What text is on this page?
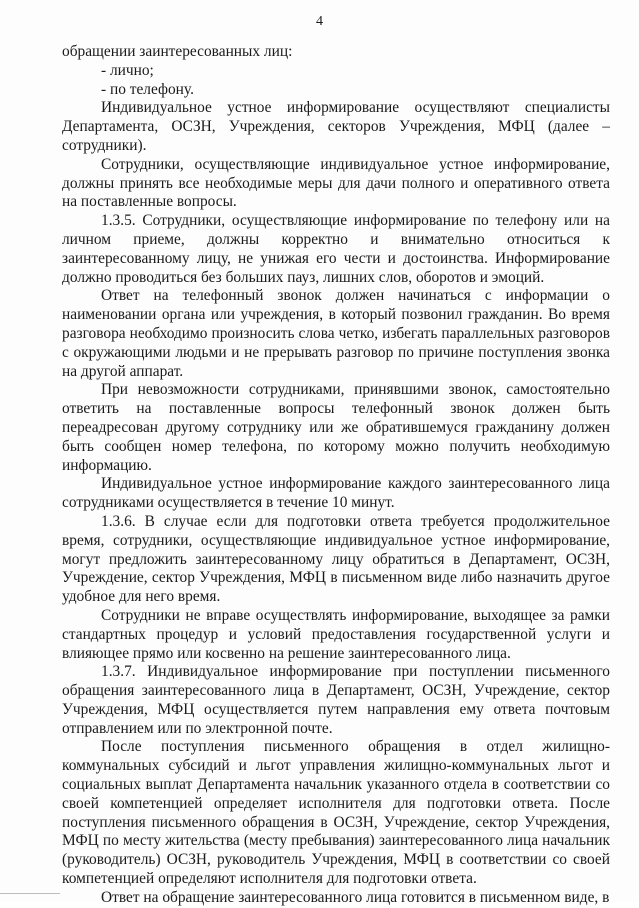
4

обращении заинтересованных лиц:

- лично;

- по телефону.

Индивидуальное устное информирование осуществляют специалисты Департамента, ОСЗН, Учреждения, секторов Учреждения, МФЦ (далее – сотрудники).

Сотрудники, осуществляющие индивидуальное устное информирование, должны принять все необходимые меры для дачи полного и оперативного ответа на поставленные вопросы.

1.3.5. Сотрудники, осуществляющие информирование по телефону или на личном приеме, должны корректно и внимательно относиться к заинтересованному лицу, не унижая его чести и достоинства. Информирование должно проводиться без больших пауз, лишних слов, оборотов и эмоций.

Ответ на телефонный звонок должен начинаться с информации о наименовании органа или учреждения, в который позвонил гражданин. Во время разговора необходимо произносить слова четко, избегать параллельных разговоров с окружающими людьми и не прерывать разговор по причине поступления звонка на другой аппарат.

При невозможности сотрудниками, принявшими звонок, самостоятельно ответить на поставленные вопросы телефонный звонок должен быть переадресован другому сотруднику или же обратившемуся гражданину должен быть сообщен номер телефона, по которому можно получить необходимую информацию.

Индивидуальное устное информирование каждого заинтересованного лица сотрудниками осуществляется в течение 10 минут.

1.3.6. В случае если для подготовки ответа требуется продолжительное время, сотрудники, осуществляющие индивидуальное устное информирование, могут предложить заинтересованному лицу обратиться в Департамент, ОСЗН, Учреждение, сектор Учреждения, МФЦ в письменном виде либо назначить другое удобное для него время.

Сотрудники не вправе осуществлять информирование, выходящее за рамки стандартных процедур и условий предоставления государственной услуги и влияющее прямо или косвенно на решение заинтересованного лица.

1.3.7. Индивидуальное информирование при поступлении письменного обращения заинтересованного лица в Департамент, ОСЗН, Учреждение, сектор Учреждения, МФЦ осуществляется путем направления ему ответа почтовым отправлением или по электронной почте.

После поступления письменного обращения в отдел жилищно-коммунальных субсидий и льгот управления жилищно-коммунальных льгот и социальных выплат Департамента начальник указанного отдела в соответствии со своей компетенцией определяет исполнителя для подготовки ответа. После поступления письменного обращения в ОСЗН, Учреждение, сектор Учреждения, МФЦ по месту жительства (месту пребывания) заинтересованного лица начальник (руководитель) ОСЗН, руководитель Учреждения, МФЦ в соответствии со своей компетенцией определяют исполнителя для подготовки ответа.

Ответ на обращение заинтересованного лица готовится в письменном виде, в
